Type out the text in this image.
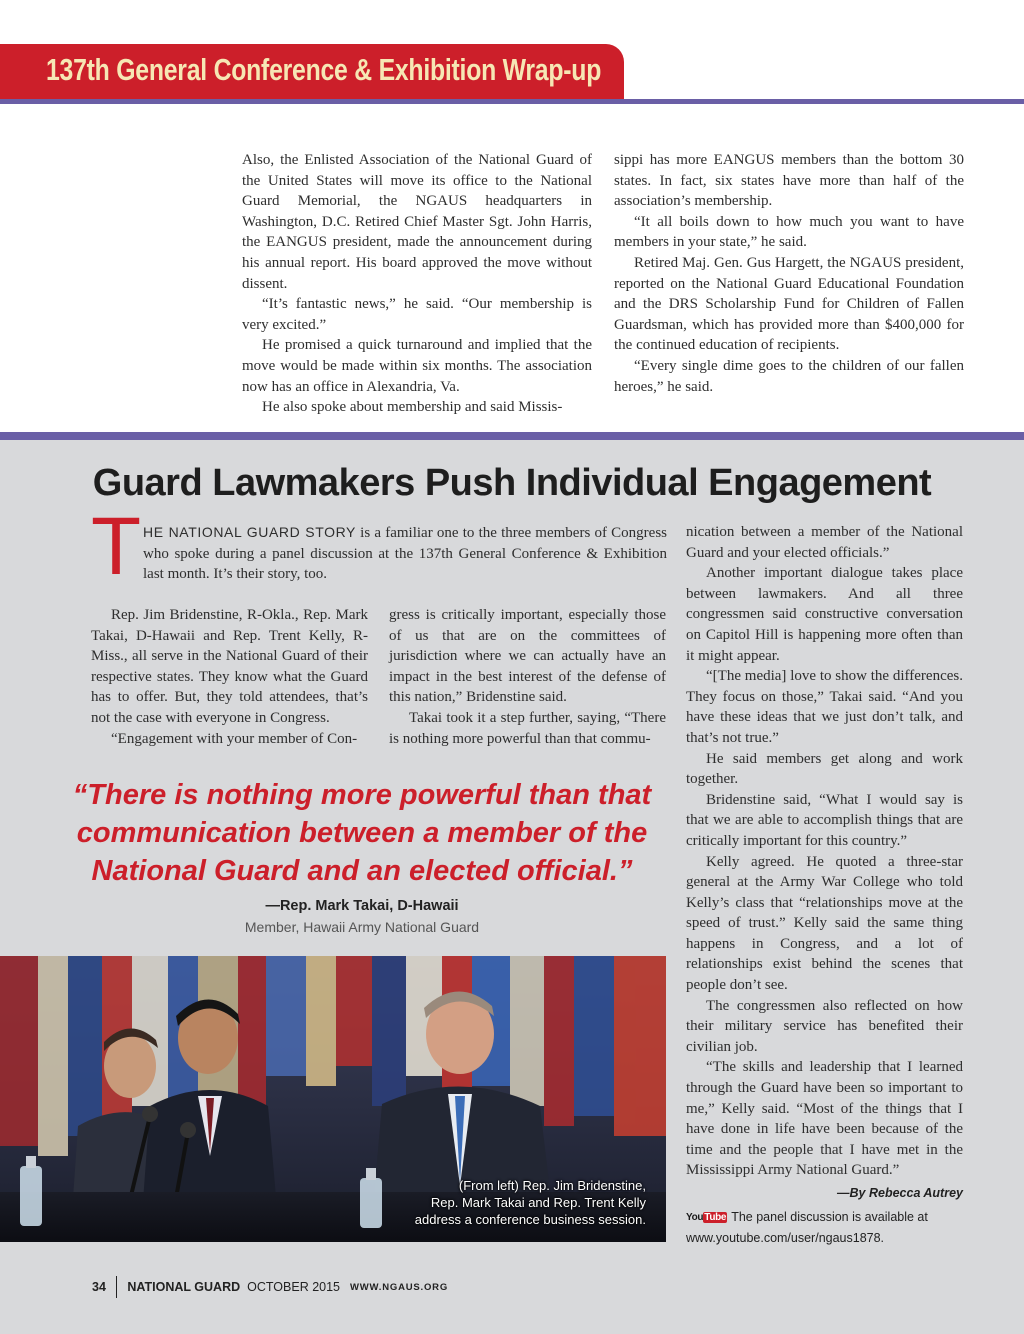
137th General Conference & Exhibition Wrap-up

Also, the Enlisted Association of the National Guard of the United States will move its office to the National Guard Memorial, the NGAUS headquarters in Washington, D.C. Retired Chief Master Sgt. John Harris, the EANGUS president, made the announcement during his annual report. His board approved the move without dissent.

“It’s fantastic news,” he said. “Our membership is very excited.”

He promised a quick turnaround and implied that the move would be made within six months. The association now has an office in Alexandria, Va.

He also spoke about membership and said Missis-

sippi has more EANGUS members than the bottom 30 states. In fact, six states have more than half of the association’s membership.

“It all boils down to how much you want to have members in your state,” he said.

Retired Maj. Gen. Gus Hargett, the NGAUS president, reported on the National Guard Educational Foundation and the DRS Scholarship Fund for Children of Fallen Guardsman, which has provided more than $400,000 for the continued education of recipients.

“Every single dime goes to the children of our fallen heroes,” he said.

Guard Lawmakers Push Individual Engagement
T HE NATIONAL GUARD STORY is a familiar one to the three members of Congress who spoke during a panel discussion at the 137th General Conference & Exhibition last month. It’s their story, too.

Rep. Jim Bridenstine, R-Okla., Rep. Mark Takai, D-Hawaii and Rep. Trent Kelly, R-Miss., all serve in the National Guard of their respective states. They know what the Guard has to offer. But, they told attendees, that’s not the case with everyone in Congress.

“Engagement with your member of Con-

gress is critically important, especially those of us that are on the committees of jurisdiction where we can actually have an impact in the best interest of the defense of this nation,” Bridenstine said.

Takai took it a step further, saying, “There is nothing more powerful than that commu-

nication between a member of the National Guard and your elected officials.”

Another important dialogue takes place between lawmakers. And all three congressmen said constructive conversation on Capitol Hill is happening more often than it might appear.

“[The media] love to show the differences. They focus on those,” Takai said. “And you have these ideas that we just don’t talk, and that’s not true.”

He said members get along and work together.

Bridenstine said, “What I would say is that we are able to accomplish things that are critically important for this country.”

Kelly agreed. He quoted a three-star general at the Army War College who told Kelly’s class that “relationships move at the speed of trust.” Kelly said the same thing happens in Congress, and a lot of relationships exist behind the scenes that people don’t see.

The congressmen also reflected on how their military service has benefited their civilian job.

“The skills and leadership that I learned through the Guard have been so important to me,” Kelly said. “Most of the things that I have done in life have been because of the time and the people that I have met in the Mississippi Army National Guard.”

“There is nothing more powerful than that communication between a member of the National Guard and an elected official.”
—Rep. Mark Takai, D-Hawaii
Member, Hawaii Army National Guard
(From left) Rep. Jim Bridenstine,
Rep. Mark Takai and Rep. Trent Kelly
address a conference business session.
—By Rebecca Autrey
YouTube The panel discussion is available at www.youtube.com/user/ngaus1878.
34 NATIONAL GUARD OCTOBER 2015 WWW.NGAUS.ORG
